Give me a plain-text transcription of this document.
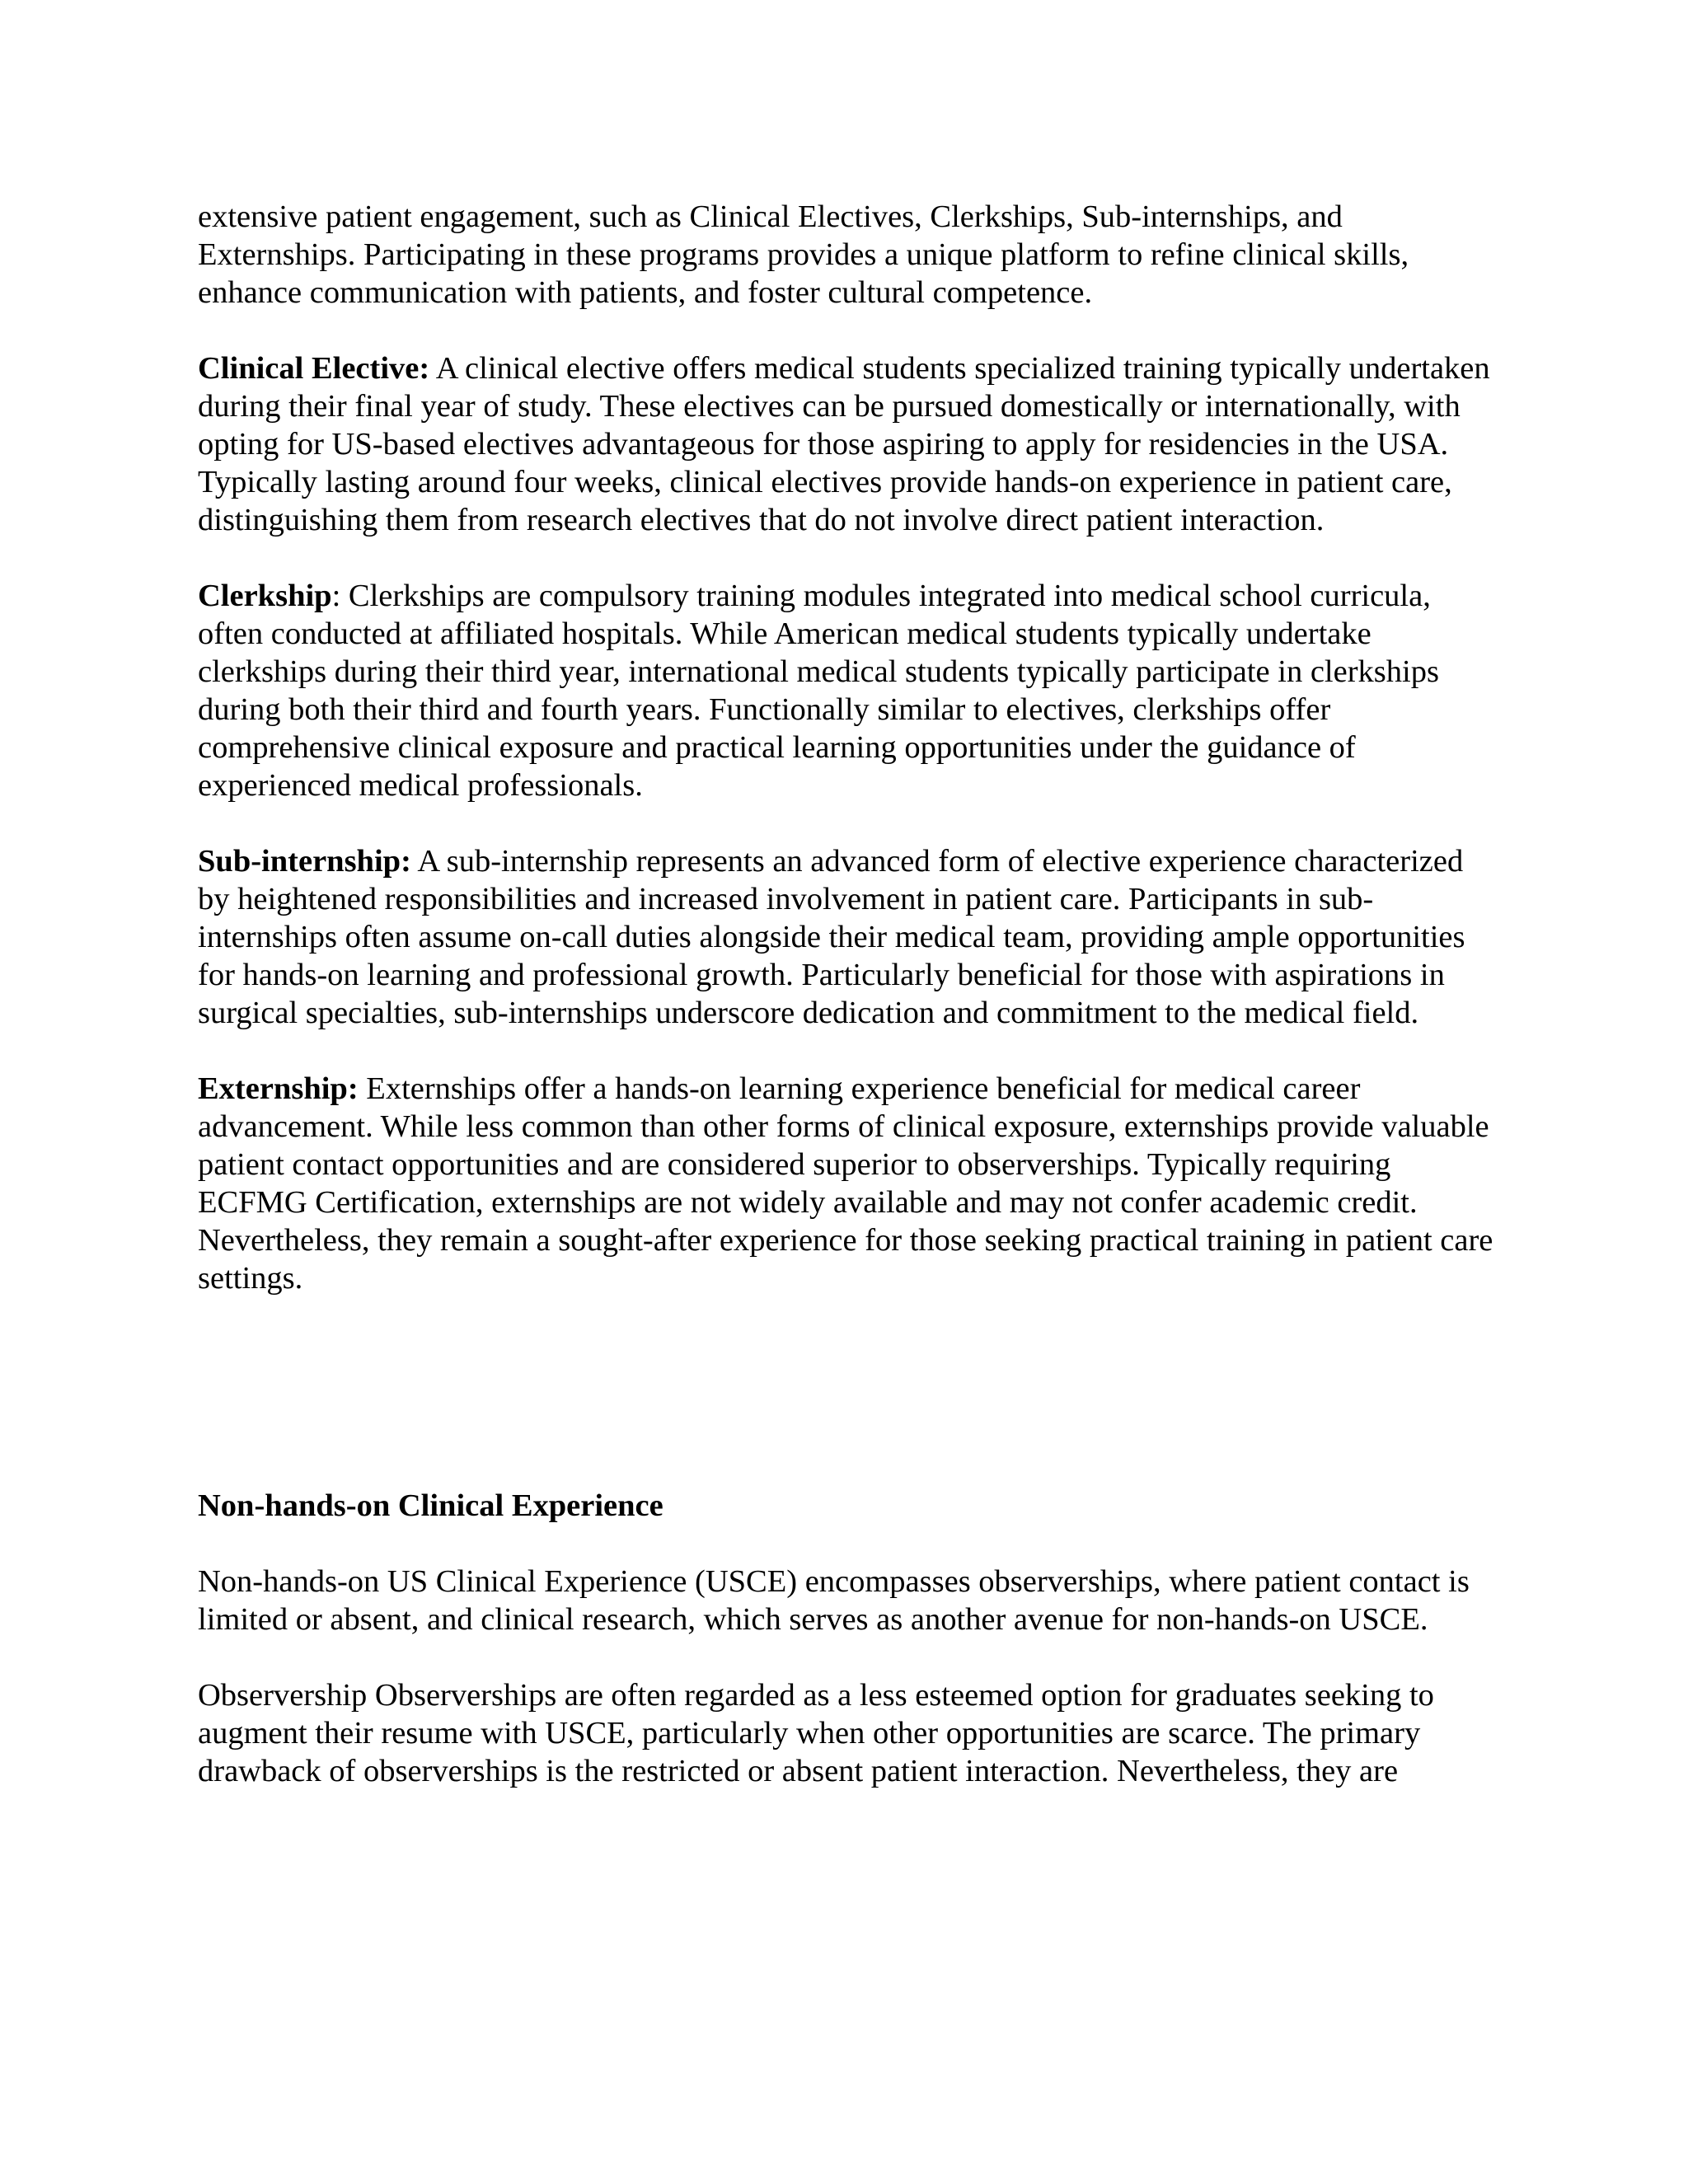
extensive patient engagement, such as Clinical Electives, Clerkships, Sub-internships, and Externships. Participating in these programs provides a unique platform to refine clinical skills, enhance communication with patients, and foster cultural competence.

Clinical Elective: A clinical elective offers medical students specialized training typically undertaken during their final year of study. These electives can be pursued domestically or internationally, with opting for US-based electives advantageous for those aspiring to apply for residencies in the USA. Typically lasting around four weeks, clinical electives provide hands-on experience in patient care, distinguishing them from research electives that do not involve direct patient interaction.

Clerkship: Clerkships are compulsory training modules integrated into medical school curricula, often conducted at affiliated hospitals. While American medical students typically undertake clerkships during their third year, international medical students typically participate in clerkships during both their third and fourth years. Functionally similar to electives, clerkships offer comprehensive clinical exposure and practical learning opportunities under the guidance of experienced medical professionals.

Sub-internship: A sub-internship represents an advanced form of elective experience characterized by heightened responsibilities and increased involvement in patient care. Participants in sub-internships often assume on-call duties alongside their medical team, providing ample opportunities for hands-on learning and professional growth. Particularly beneficial for those with aspirations in surgical specialties, sub-internships underscore dedication and commitment to the medical field.

Externship: Externships offer a hands-on learning experience beneficial for medical career advancement. While less common than other forms of clinical exposure, externships provide valuable patient contact opportunities and are considered superior to observerships. Typically requiring ECFMG Certification, externships are not widely available and may not confer academic credit. Nevertheless, they remain a sought-after experience for those seeking practical training in patient care settings.

Non-hands-on Clinical Experience

Non-hands-on US Clinical Experience (USCE) encompasses observerships, where patient contact is limited or absent, and clinical research, which serves as another avenue for non-hands-on USCE.

Observership Observerships are often regarded as a less esteemed option for graduates seeking to augment their resume with USCE, particularly when other opportunities are scarce. The primary drawback of observerships is the restricted or absent patient interaction. Nevertheless, they are
